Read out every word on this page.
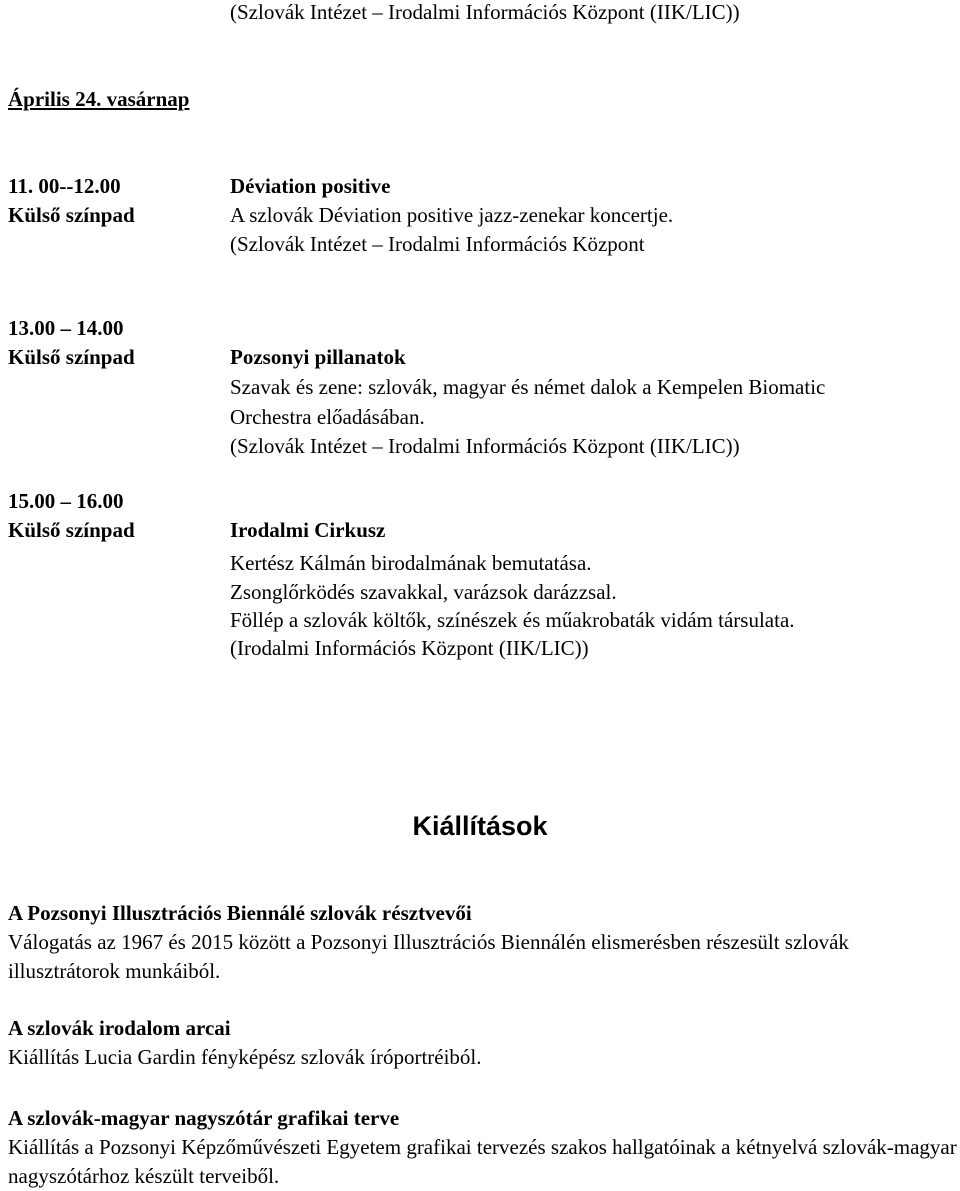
(Szlovák Intézet – Irodalmi Információs Központ (IIK/LIC))
Április 24. vasárnap
11. 00--12.00
Külső színpad
Déviation positive
A szlovák Déviation positive jazz-zenekar koncertje.
(Szlovák Intézet – Irodalmi Információs Központ
13.00 – 14.00
Külső színpad	Pozsonyi pillanatok
Szavak és zene: szlovák, magyar és német dalok a Kempelen Biomatic
Orchestra előadásában.
(Szlovák Intézet – Irodalmi Információs Központ (IIK/LIC))
15.00 – 16.00
Külső színpad	Irodalmi Cirkusz
Kertész Kálmán birodalmának bemutatása.
Zsonglőrködés szavakkal, varázsok darázzsal.
Föllép a szlovák költők, színészek és műakrobaták vidám társulata.
(Irodalmi Információs Központ (IIK/LIC))
Kiállítások
A Pozsonyi Illusztrációs Biennálé szlovák résztvevői
Válogatás az 1967 és 2015 között a Pozsonyi Illusztrációs Biennálén elismerésben részesült szlovák illusztrátorok munkáiból.
A szlovák irodalom arcai
Kiállítás Lucia Gardin fényképész szlovák íróportréiból.
A szlovák-magyar nagyszótár grafikai terve
Kiállítás a Pozsonyi Képzőművészeti Egyetem grafikai tervezés szakos hallgatóinak a kétnyelvá szlovák-magyar nagyszótárhoz készült terveiből.
